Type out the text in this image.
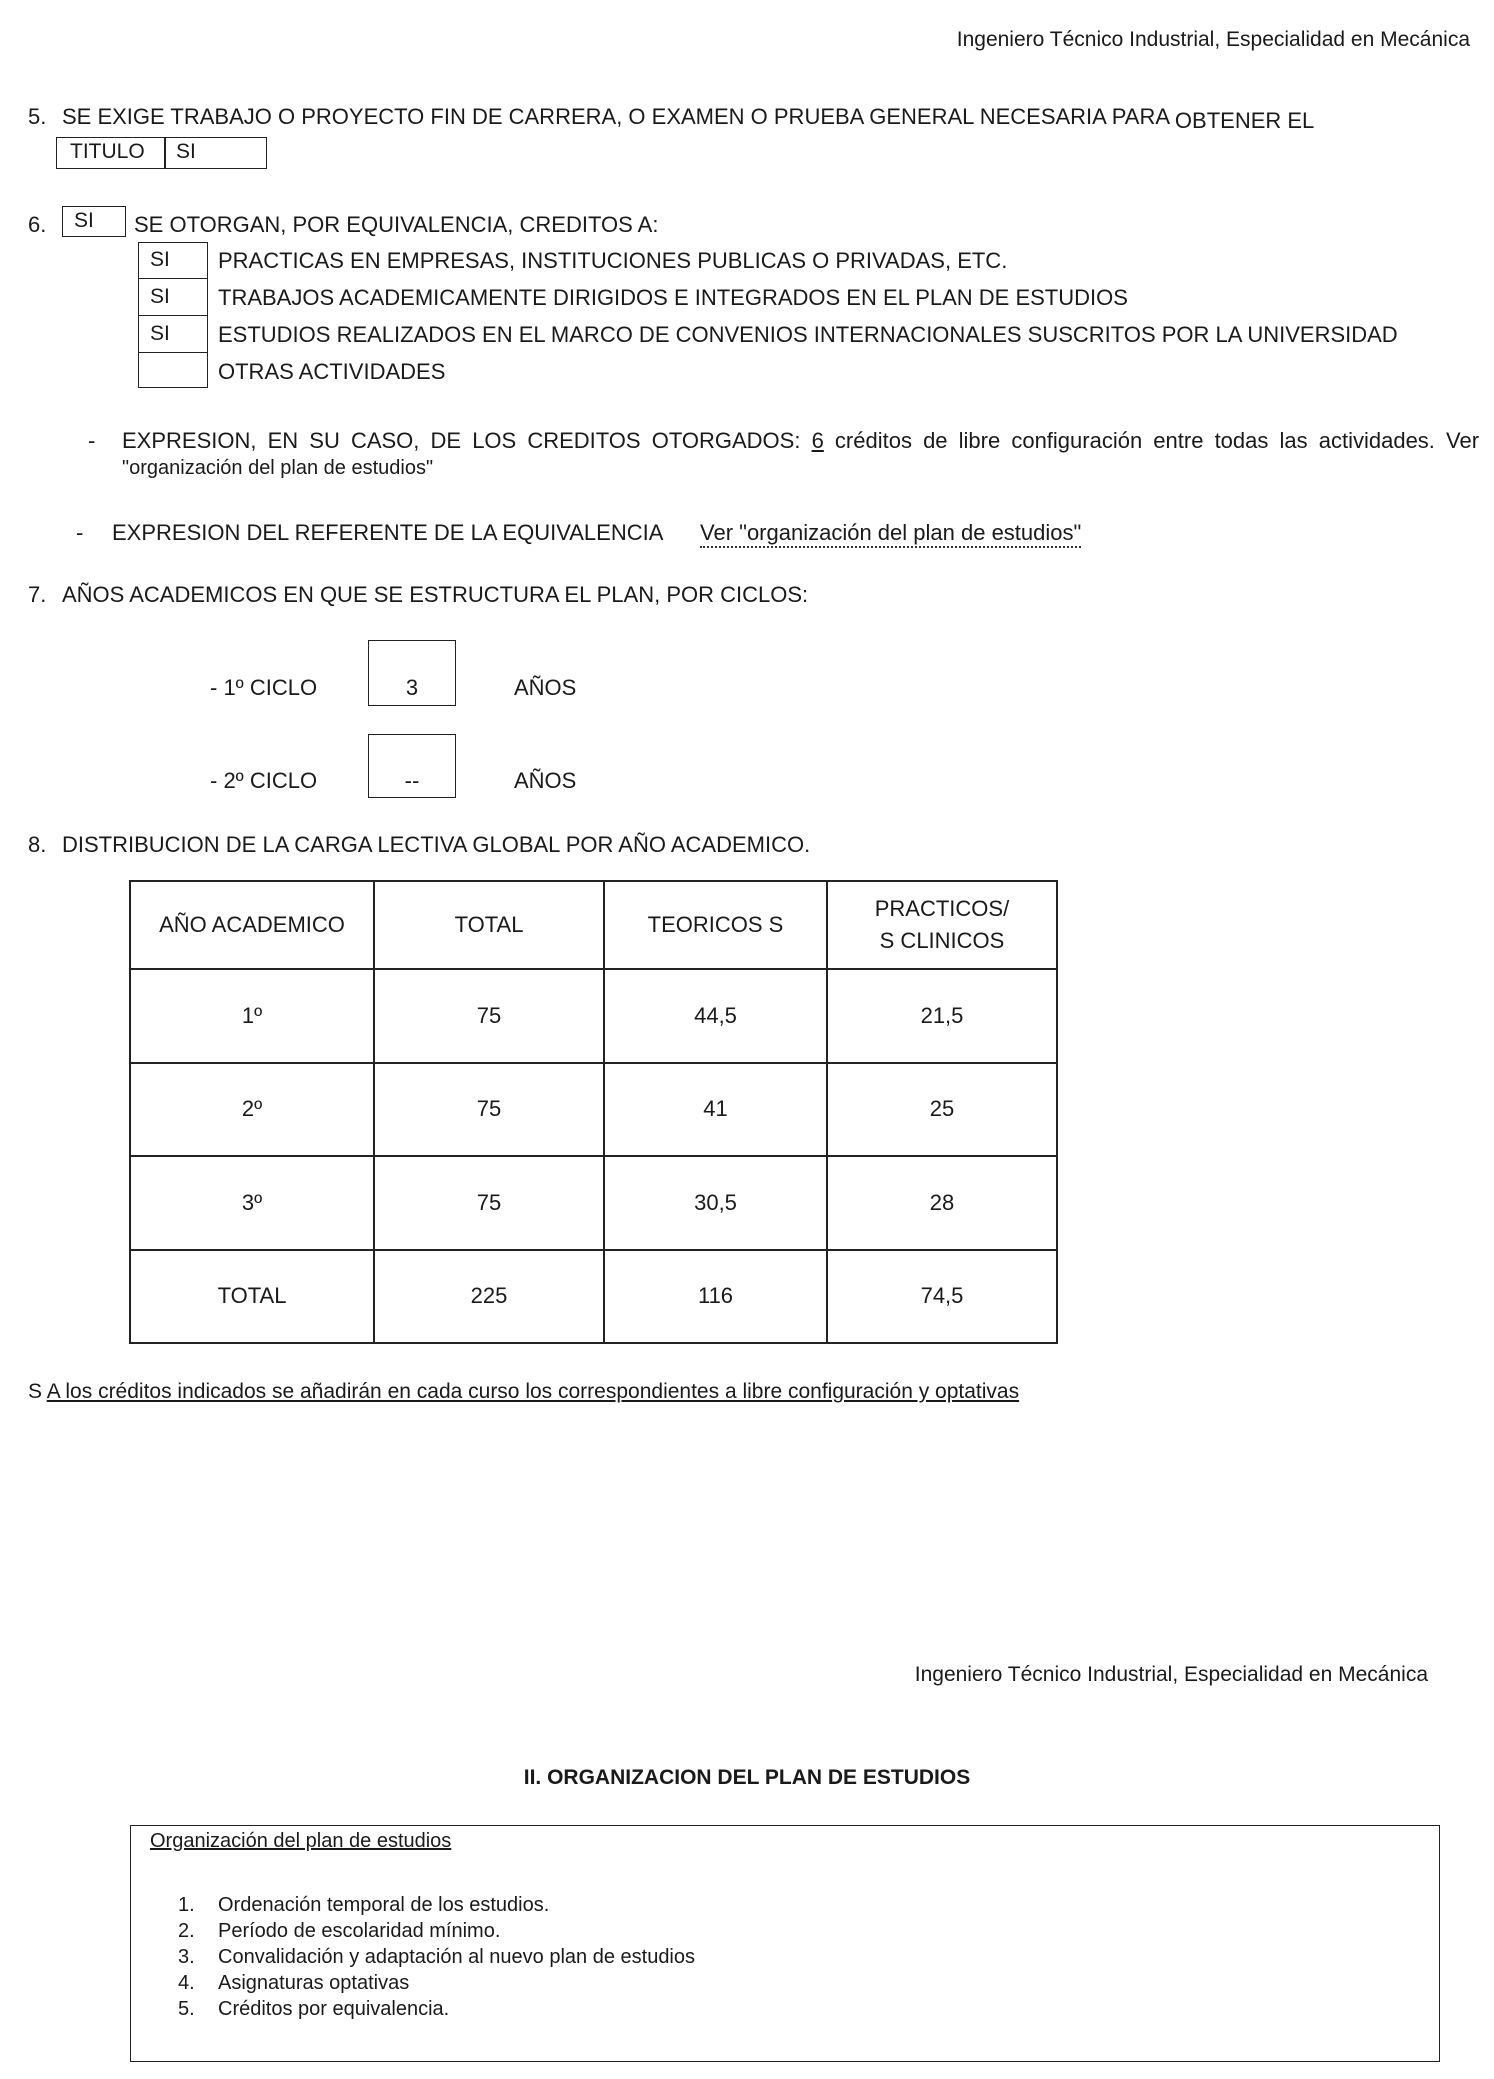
Ingeniero Técnico Industrial, Especialidad en Mecánica
5. SE EXIGE TRABAJO O PROYECTO FIN DE CARRERA, O EXAMEN O PRUEBA GENERAL NECESARIA PARA OBTENER EL
TITULO SI
6. SI SE OTORGAN, POR EQUIVALENCIA, CREDITOS A:
SI PRACTICAS EN EMPRESAS, INSTITUCIONES PUBLICAS O PRIVADAS, ETC.
SI TRABAJOS ACADEMICAMENTE DIRIGIDOS E INTEGRADOS EN EL PLAN DE ESTUDIOS
SI ESTUDIOS REALIZADOS EN EL MARCO DE CONVENIOS INTERNACIONALES SUSCRITOS POR LA UNIVERSIDAD
OTRAS ACTIVIDADES
- EXPRESION, EN SU CASO, DE LOS CREDITOS OTORGADOS: 6 créditos de libre configuración entre todas las actividades. Ver
"organización del plan de estudios"
- EXPRESION DEL REFERENTE DE LA EQUIVALENCIA Ver "organización del plan de estudios"
7. AÑOS ACADEMICOS EN QUE SE ESTRUCTURA EL PLAN, POR CICLOS:
- 1º CICLO	3	AÑOS
- 2º CICLO	--	AÑOS
8. DISTRIBUCION DE LA CARGA LECTIVA GLOBAL POR AÑO ACADEMICO.
AÑO ACADEMICO	TOTAL	TEORICOS S	PRACTICOS/ S CLINICOS
1º	75	44,5	21,5
2º	75	41	25
3º	75	30,5	28
TOTAL	225	116	74,5
S A los créditos indicados se añadirán en cada curso los correspondientes a libre configuración y optativas
Ingeniero Técnico Industrial, Especialidad en Mecánica
II. ORGANIZACION DEL PLAN DE ESTUDIOS
Organización del plan de estudios
1. Ordenación temporal de los estudios.
2. Período de escolaridad mínimo.
3. Convalidación y adaptación al nuevo plan de estudios
4. Asignaturas optativas
5. Créditos por equivalencia.
